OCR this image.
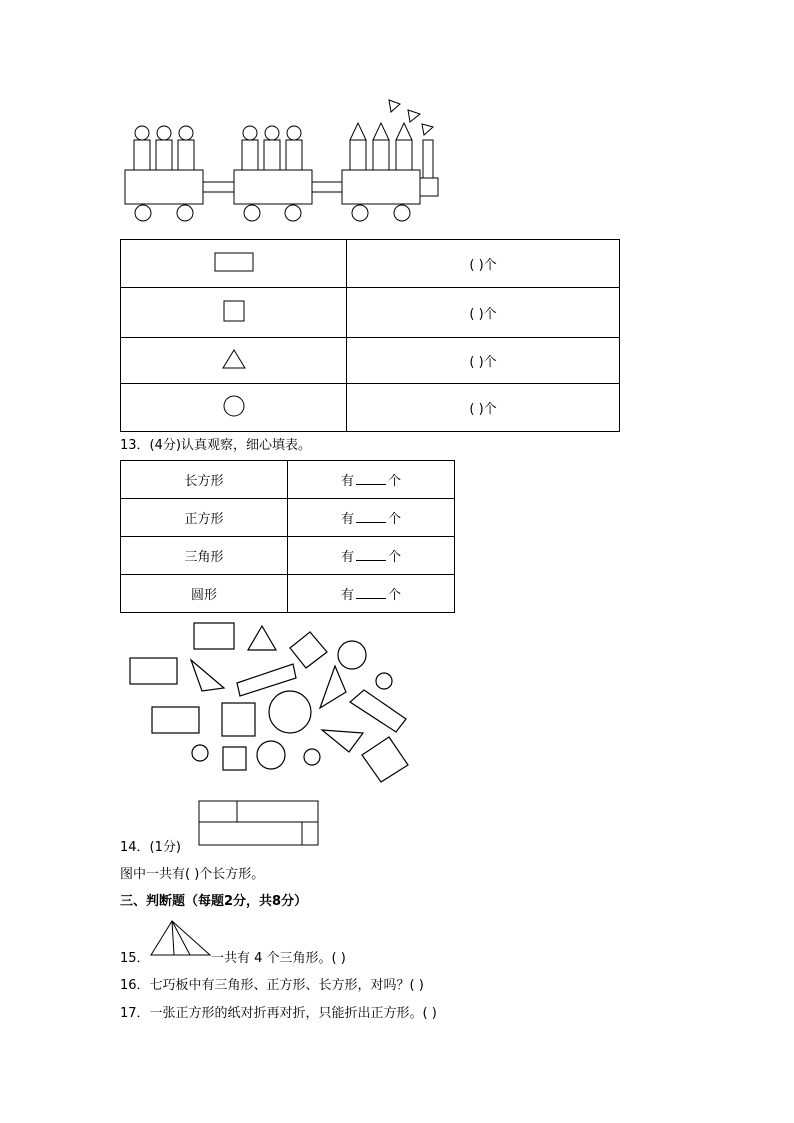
	( )个
	( )个
	( )个
	( )个
13．(4分)认真观察，细心填表。
长方形	有 个
正方形	有 个
三角形	有 个
圆形	有 个
14．(1分)
图中一共有( )个长方形。
三、判断题（每题2分，共8分）
15．	一共有 4 个三角形。( )
16．七巧板中有三角形、正方形、长方形，对吗？( )
17．一张正方形的纸对折再对折，只能折出正方形。( )
